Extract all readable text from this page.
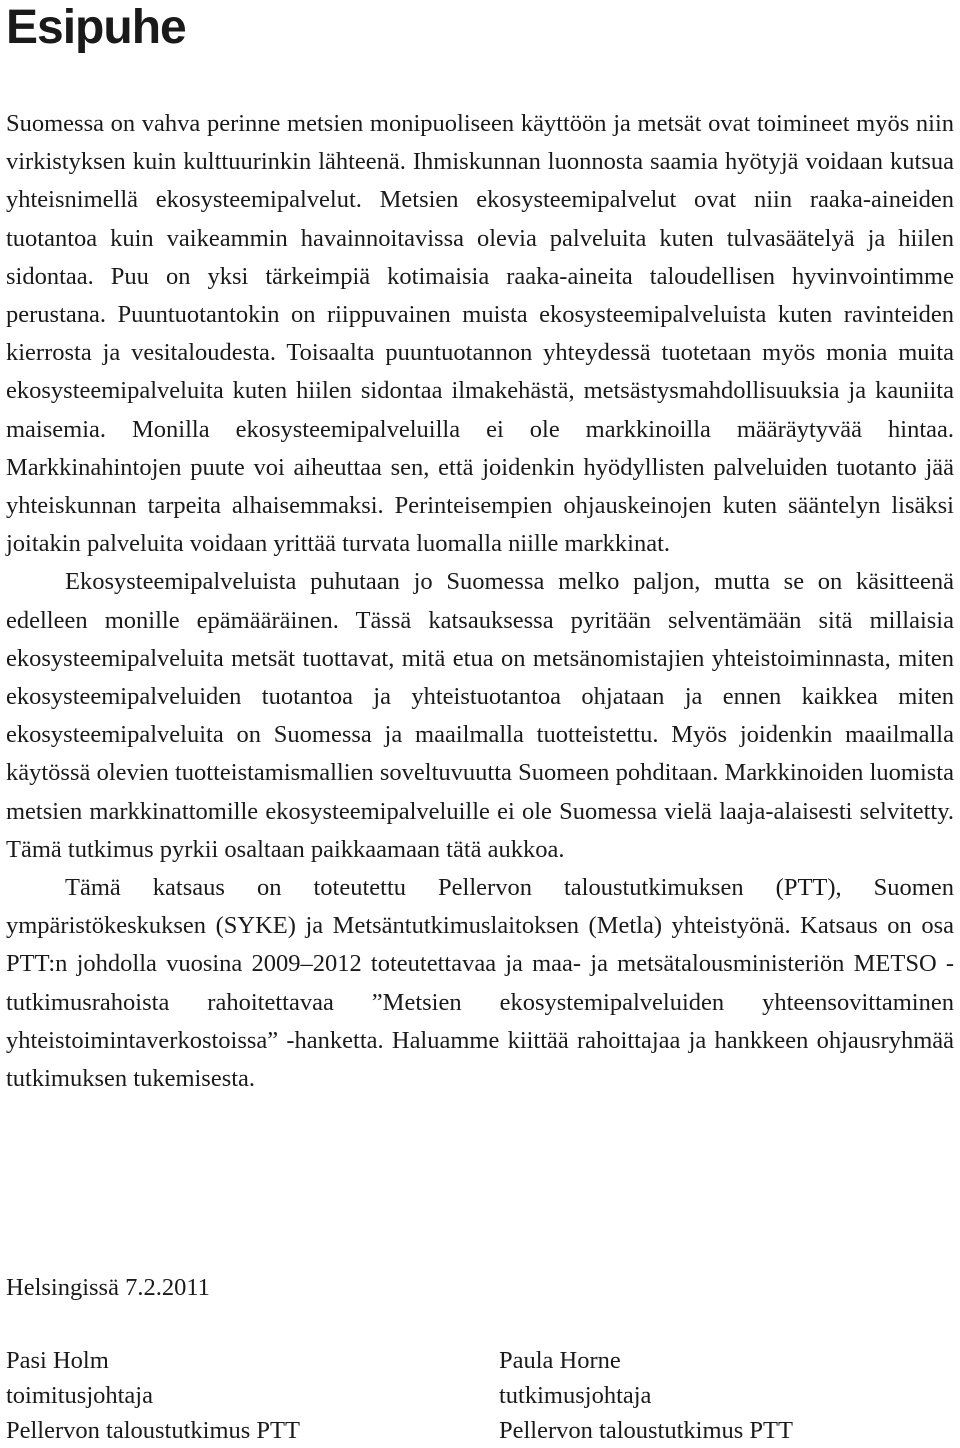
Esipuhe

Suomessa on vahva perinne metsien monipuoliseen käyttöön ja metsät ovat toimineet myös niin virkistyksen kuin kulttuurinkin lähteenä. Ihmiskunnan luonnosta saamia hyötyjä voidaan kutsua yhteisnimellä ekosysteemipalvelut. Metsien ekosysteemipalvelut ovat niin raaka-aineiden tuotantoa kuin vaikeammin havainnoitavissa olevia palveluita kuten tulvasäätelyä ja hiilen sidontaa. Puu on yksi tärkeimpiä kotimaisia raaka-aineita taloudellisen hyvinvointimme perustana. Puuntuotantokin on riippuvainen muista ekosysteemipalveluista kuten ravinteiden kierrosta ja vesitaloudesta. Toisaalta puuntuotannon yhteydessä tuotetaan myös monia muita ekosysteemipalveluita kuten hiilen sidontaa ilmakehästä, metsästysmahdollisuuksia ja kauniita maisemia. Monilla ekosysteemipalveluilla ei ole markkinoilla määräytyvää hintaa. Markkinahintojen puute voi aiheuttaa sen, että joidenkin hyödyllisten palveluiden tuotanto jää yhteiskunnan tarpeita alhaisemmaksi. Perinteisempien ohjauskeinojen kuten sääntelyn lisäksi joitakin palveluita voidaan yrittää turvata luomalla niille markkinat.

Ekosysteemipalveluista puhutaan jo Suomessa melko paljon, mutta se on käsitteenä edelleen monille epämääräinen. Tässä katsauksessa pyritään selventämään sitä millaisia ekosysteemipalveluita metsät tuottavat, mitä etua on metsänomistajien yhteistoiminnasta, miten ekosysteemipalveluiden tuotantoa ja yhteistuotantoa ohjataan ja ennen kaikkea miten ekosysteemipalveluita on Suomessa ja maailmalla tuotteistettu. Myös joidenkin maailmalla käytössä olevien tuotteistamismallien soveltuvuutta Suomeen pohditaan. Markkinoiden luomista metsien markkinattomille ekosysteemipalveluille ei ole Suomessa vielä laaja-alaisesti selvitetty. Tämä tutkimus pyrkii osaltaan paikkaamaan tätä aukkoa.

Tämä katsaus on toteutettu Pellervon taloustutkimuksen (PTT), Suomen ympäristökeskuksen (SYKE) ja Metsäntutkimuslaitoksen (Metla) yhteistyönä. Katsaus on osa PTT:n johdolla vuosina 2009–2012 toteutettavaa ja maa- ja metsätalousministeriön METSO -tutkimusrahoista rahoitettavaa ”Metsien ekosystemipalveluiden yhteensovittaminen yhteistoimintaverkostoissa” -hanketta. Haluamme kiittää rahoittajaa ja hankkeen ohjausryhmää tutkimuksen tukemisesta.

Helsingissä 7.2.2011

Pasi Holm
toimitusjohtaja
Pellervon taloustutkimus PTT
Paula Horne
tutkimusjohtaja
Pellervon taloustutkimus PTT
